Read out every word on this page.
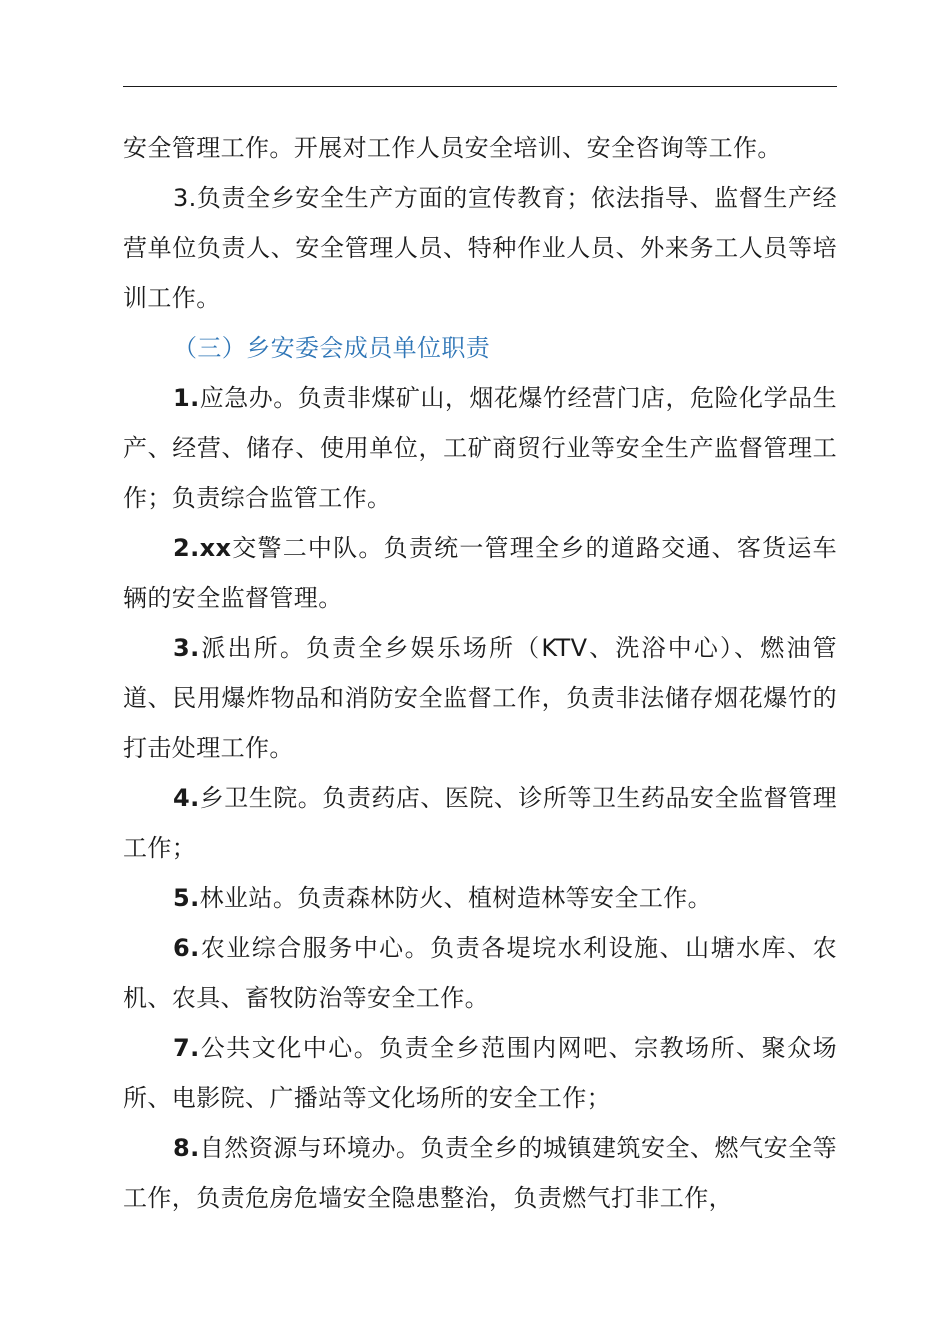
安全管理工作。开展对工作人员安全培训、安全咨询等工作。

3.负责全乡安全生产方面的宣传教育；依法指导、监督生产经营单位负责人、安全管理人员、特种作业人员、外来务工人员等培训工作。

（三）乡安委会成员单位职责

1.应急办。负责非煤矿山，烟花爆竹经营门店，危险化学品生产、经营、储存、使用单位，工矿商贸行业等安全生产监督管理工作；负责综合监管工作。

2.xx交警二中队。负责统一管理全乡的道路交通、客货运车辆的安全监督管理。

3.派出所。负责全乡娱乐场所（KTV、洗浴中心）、燃油管道、民用爆炸物品和消防安全监督工作，负责非法储存烟花爆竹的打击处理工作。

4.乡卫生院。负责药店、医院、诊所等卫生药品安全监督管理工作；

5.林业站。负责森林防火、植树造林等安全工作。

6.农业综合服务中心。负责各堤垸水利设施、山塘水库、农机、农具、畜牧防治等安全工作。

7.公共文化中心。负责全乡范围内网吧、宗教场所、聚众场所、电影院、广播站等文化场所的安全工作；

8.自然资源与环境办。负责全乡的城镇建筑安全、燃气安全等工作，负责危房危墙安全隐患整治，负责燃气打非工作，
